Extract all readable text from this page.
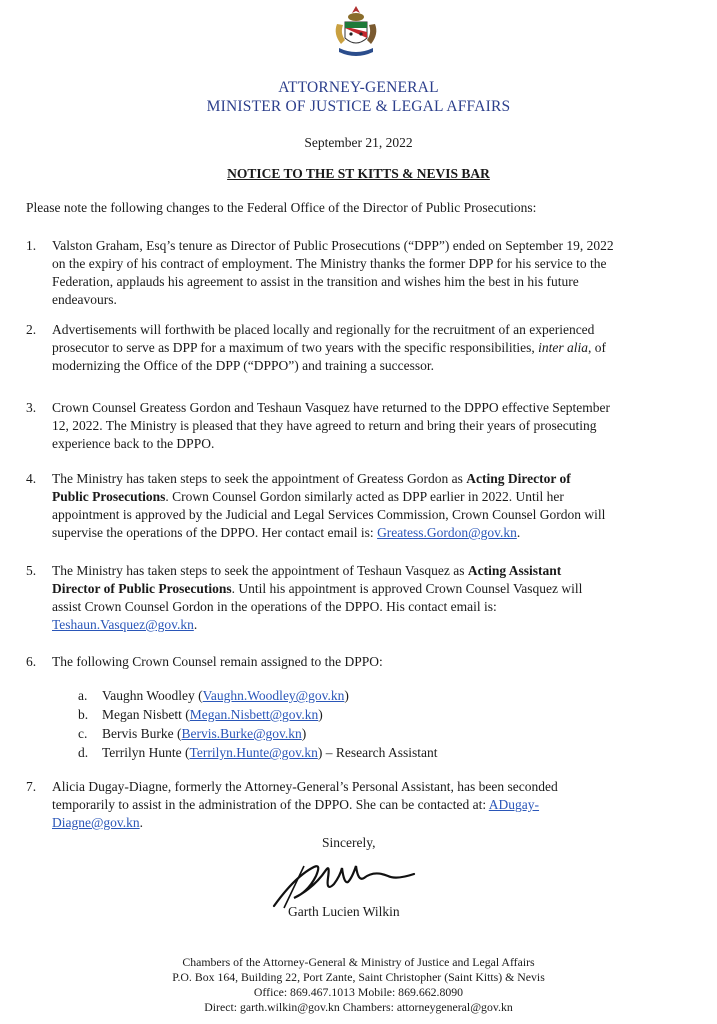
ATTORNEY-GENERAL
MINISTER OF JUSTICE & LEGAL AFFAIRS
September 21, 2022
NOTICE TO THE ST KITTS & NEVIS BAR
Please note the following changes to the Federal Office of the Director of Public Prosecutions:
1.	Valston Graham, Esq’s tenure as Director of Public Prosecutions (“DPP”) ended on September 19, 2022
on the expiry of his contract of employment. The Ministry thanks the former DPP for his service to the
Federation, applauds his agreement to assist in the transition and wishes him the best in his future
endeavours.
2.	Advertisements will forthwith be placed locally and regionally for the recruitment of an experienced
prosecutor to serve as DPP for a maximum of two years with the specific responsibilities, inter alia, of
modernizing the Office of the DPP (“DPPO”) and training a successor.
3.	Crown Counsel Greatess Gordon and Teshaun Vasquez have returned to the DPPO effective September
12, 2022. The Ministry is pleased that they have agreed to return and bring their years of prosecuting
experience back to the DPPO.
4.	The Ministry has taken steps to seek the appointment of Greatess Gordon as Acting Director of
Public Prosecutions. Crown Counsel Gordon similarly acted as DPP earlier in 2022. Until her
appointment is approved by the Judicial and Legal Services Commission, Crown Counsel Gordon will
supervise the operations of the DPPO. Her contact email is: Greatess.Gordon@gov.kn.
5.	The Ministry has taken steps to seek the appointment of Teshaun Vasquez as Acting Assistant
Director of Public Prosecutions. Until his appointment is approved Crown Counsel Vasquez will
assist Crown Counsel Gordon in the operations of the DPPO. His contact email is:
Teshaun.Vasquez@gov.kn.
6.	The following Crown Counsel remain assigned to the DPPO:
7.	Alicia Dugay-Diagne, formerly the Attorney-General’s Personal Assistant, has been seconded
temporarily to assist in the administration of the DPPO. She can be contacted at: ADugay-
Diagne@gov.kn.
a. Vaughn Woodley (Vaughn.Woodley@gov.kn)
b. Megan Nisbett (Megan.Nisbett@gov.kn)
c. Bervis Burke (Bervis.Burke@gov.kn)
d. Terrilyn Hunte (Terrilyn.Hunte@gov.kn) – Research Assistant
Sincerely,
Garth Lucien Wilkin
Chambers of the Attorney-General & Ministry of Justice and Legal Affairs
P.O. Box 164, Building 22, Port Zante, Saint Christopher (Saint Kitts) & Nevis
Office: 869.467.1013 Mobile: 869.662.8090
Direct: garth.wilkin@gov.kn Chambers: attorneygeneral@gov.kn
